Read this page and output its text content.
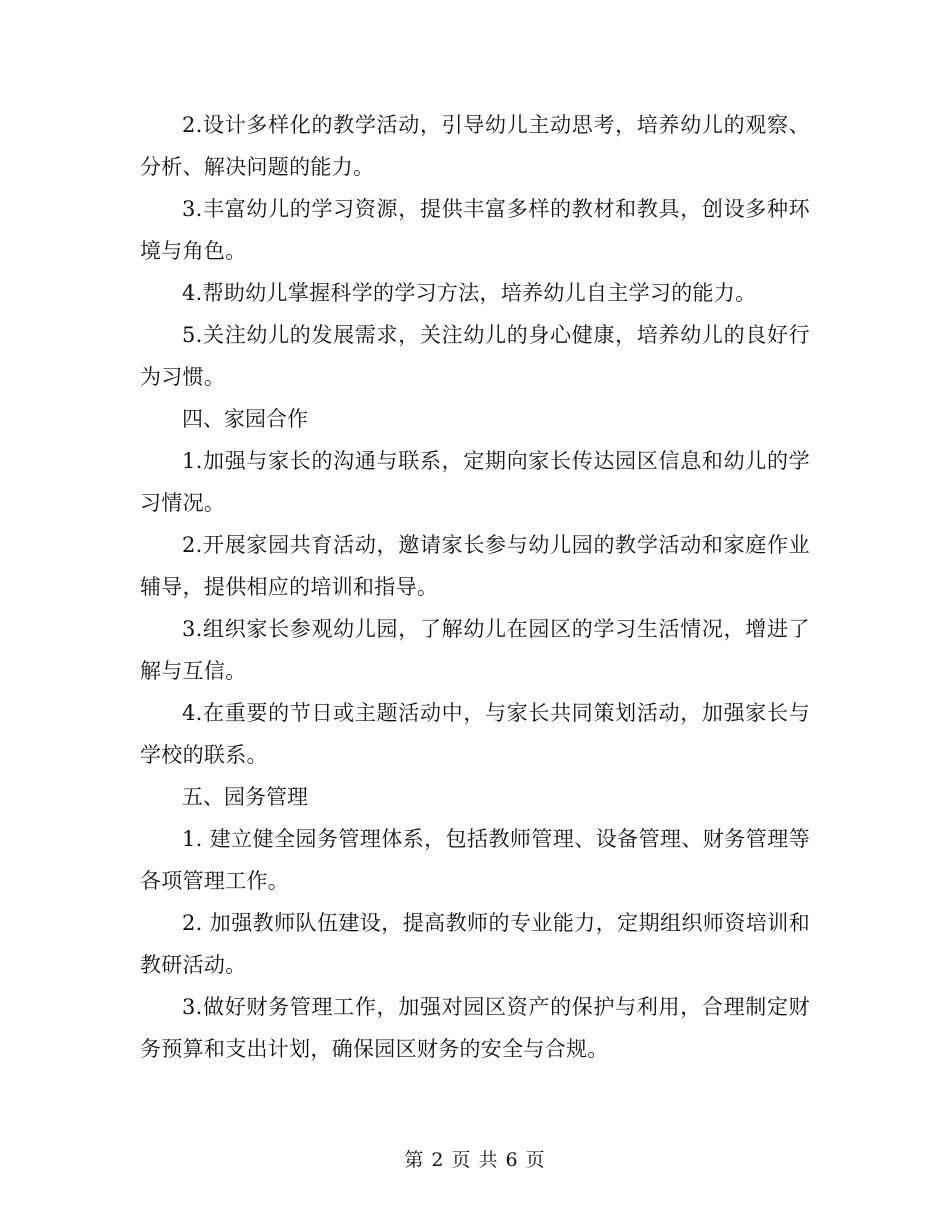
2.设计多样化的教学活动，引导幼儿主动思考，培养幼儿的观察、分析、解决问题的能力。

3.丰富幼儿的学习资源，提供丰富多样的教材和教具，创设多种环境与角色。

4.帮助幼儿掌握科学的学习方法，培养幼儿自主学习的能力。

5.关注幼儿的发展需求，关注幼儿的身心健康，培养幼儿的良好行为习惯。

四、家园合作

1.加强与家长的沟通与联系，定期向家长传达园区信息和幼儿的学习情况。

2.开展家园共育活动，邀请家长参与幼儿园的教学活动和家庭作业辅导，提供相应的培训和指导。

3.组织家长参观幼儿园，了解幼儿在园区的学习生活情况，增进了解与互信。

4.在重要的节日或主题活动中，与家长共同策划活动，加强家长与学校的联系。

五、园务管理

1. 建立健全园务管理体系，包括教师管理、设备管理、财务管理等各项管理工作。

2. 加强教师队伍建设，提高教师的专业能力，定期组织师资培训和教研活动。

3.做好财务管理工作，加强对园区资产的保护与利用，合理制定财务预算和支出计划，确保园区财务的安全与合规。

第 2 页 共 6 页
